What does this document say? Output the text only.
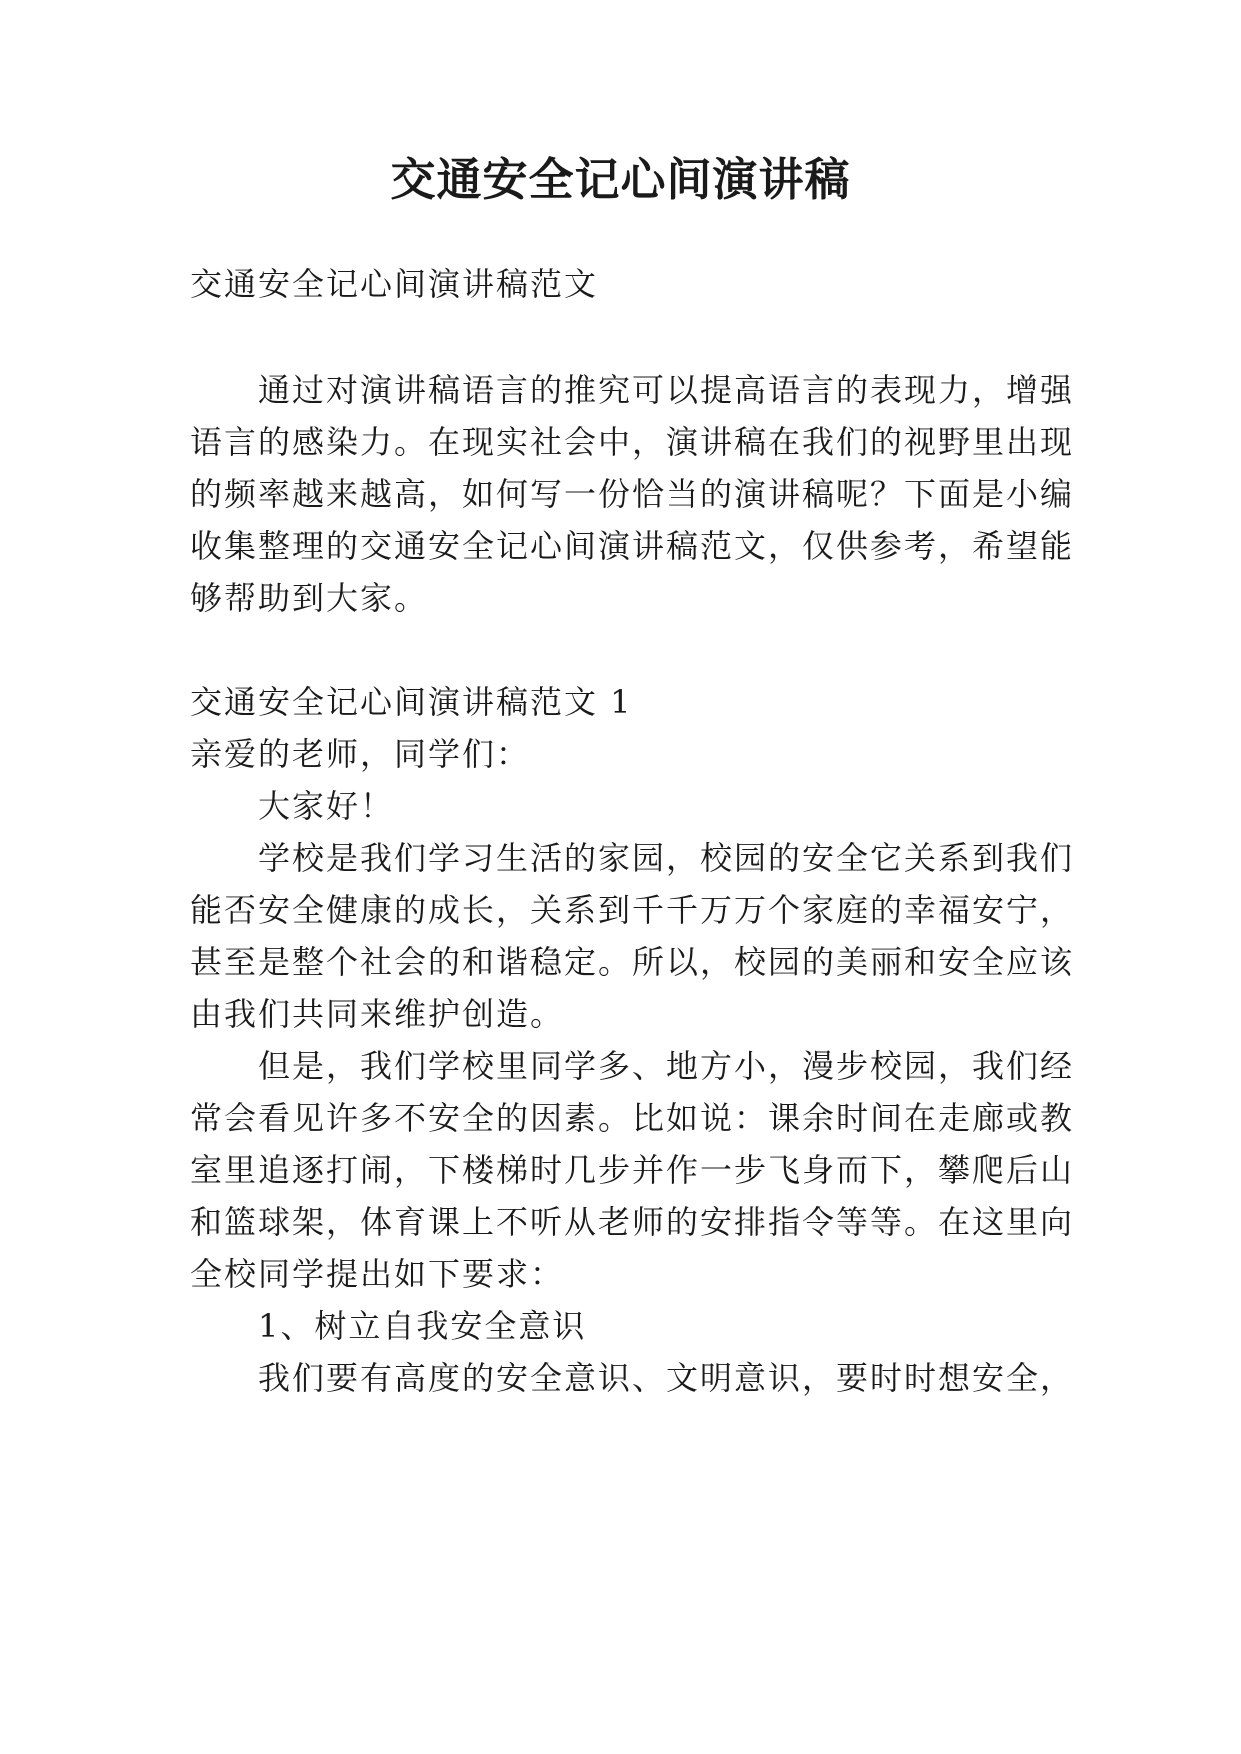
交通安全记心间演讲稿
交通安全记心间演讲稿范文
通过对演讲稿语言的推究可以提高语言的表现力，增强
语言的感染力。在现实社会中，演讲稿在我们的视野里出现
的频率越来越高，如何写一份恰当的演讲稿呢？下面是小编
收集整理的交通安全记心间演讲稿范文，仅供参考，希望能
够帮助到大家。
交通安全记心间演讲稿范文 1
亲爱的老师，同学们：
大家好！
学校是我们学习生活的家园，校园的安全它关系到我们
能否安全健康的成长，关系到千千万万个家庭的幸福安宁，
甚至是整个社会的和谐稳定。所以，校园的美丽和安全应该
由我们共同来维护创造。
但是，我们学校里同学多、地方小，漫步校园，我们经
常会看见许多不安全的因素。比如说：课余时间在走廊或教
室里追逐打闹，下楼梯时几步并作一步飞身而下，攀爬后山
和篮球架，体育课上不听从老师的安排指令等等。在这里向
全校同学提出如下要求：
1、树立自我安全意识
我们要有高度的安全意识、文明意识，要时时想安全，
